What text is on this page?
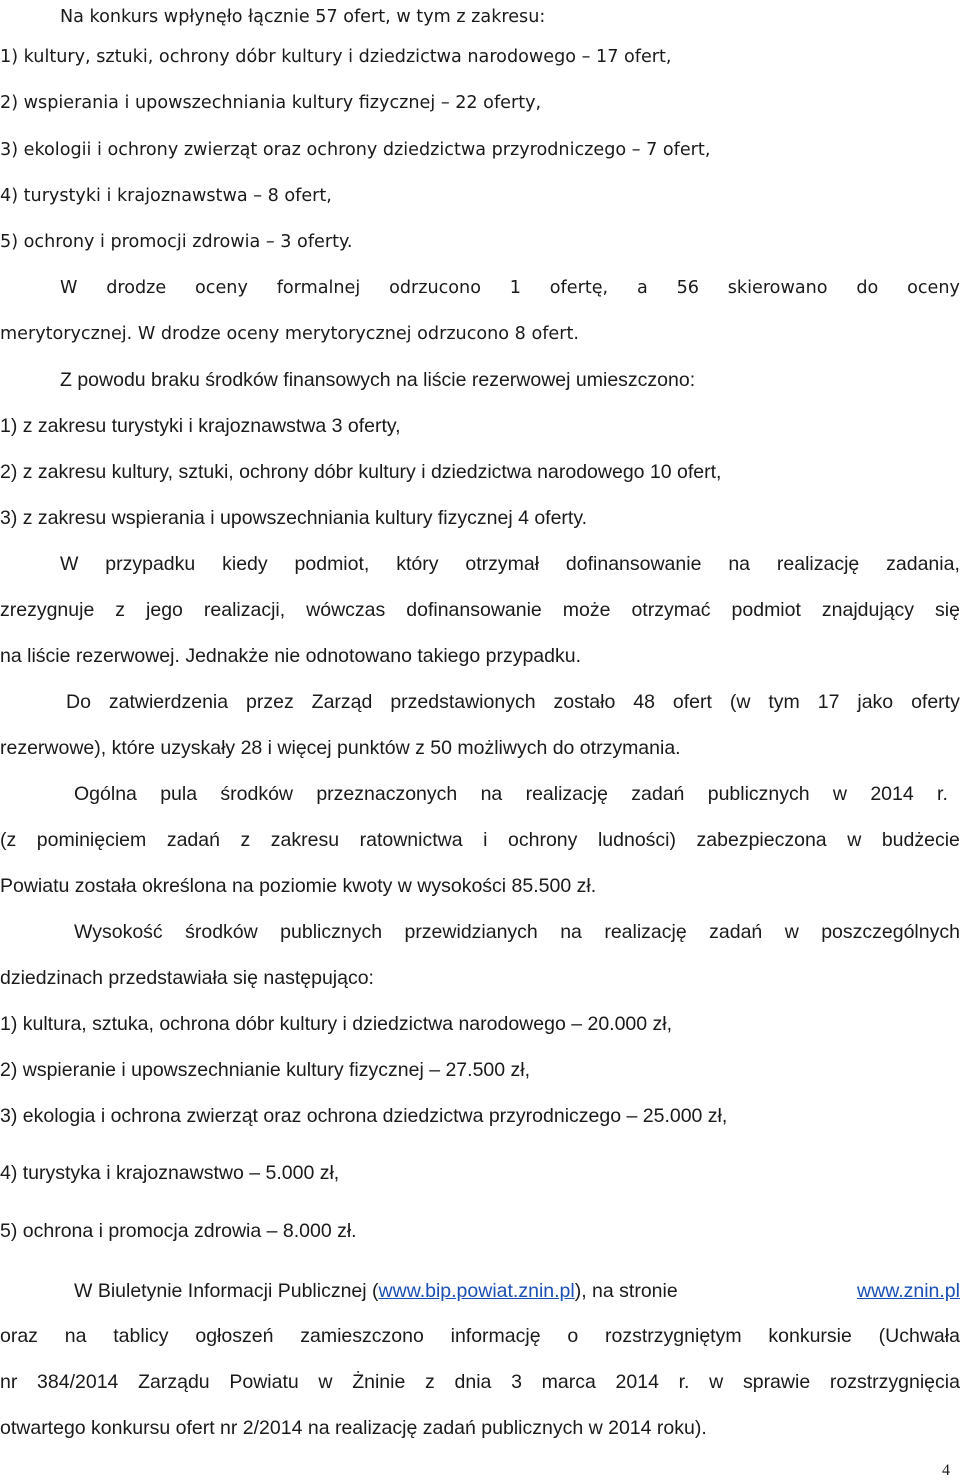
Na konkurs wpłynęło łącznie 57 ofert, w tym z zakresu:
1) kultury, sztuki, ochrony dóbr kultury i dziedzictwa narodowego – 17 ofert,
2) wspierania i upowszechniania kultury fizycznej – 22 oferty,
3) ekologii i ochrony zwierząt oraz ochrony dziedzictwa przyrodniczego – 7 ofert,
4) turystyki i krajoznawstwa – 8 ofert,
5) ochrony i promocji zdrowia – 3 oferty.
W drodze oceny formalnej odrzucono 1 ofertę, a 56 skierowano do oceny
merytorycznej. W drodze oceny merytorycznej odrzucono 8 ofert.
Z powodu braku środków finansowych na liście rezerwowej umieszczono:
1) z zakresu turystyki i krajoznawstwa 3 oferty,
2) z zakresu kultury, sztuki, ochrony dóbr kultury i dziedzictwa narodowego 10 ofert,
3) z zakresu wspierania i upowszechniania kultury fizycznej 4 oferty.
W przypadku kiedy podmiot, który otrzymał dofinansowanie na realizację zadania,
zrezygnuje z jego realizacji, wówczas dofinansowanie może otrzymać podmiot znajdujący się
na liście rezerwowej. Jednakże nie odnotowano takiego przypadku.
Do zatwierdzenia przez Zarząd przedstawionych zostało 48 ofert (w tym 17 jako oferty
rezerwowe), które uzyskały 28 i więcej punktów z 50 możliwych do otrzymania.
Ogólna pula środków przeznaczonych na realizację zadań publicznych w 2014 r.
(z pominięciem zadań z zakresu ratownictwa i ochrony ludności) zabezpieczona w budżecie
Powiatu została określona na poziomie kwoty w wysokości 85.500 zł.
Wysokość środków publicznych przewidzianych na realizację zadań w poszczególnych
dziedzinach przedstawiała się następująco:
1) kultura, sztuka, ochrona dóbr kultury i dziedzictwa narodowego – 20.000 zł,
2) wspieranie i upowszechnianie kultury fizycznej – 27.500 zł,
3) ekologia i ochrona zwierząt oraz ochrona dziedzictwa przyrodniczego – 25.000 zł,
4) turystyka i krajoznawstwo – 5.000 zł,
5) ochrona i promocja zdrowia – 8.000 zł.
W Biuletynie Informacji Publicznej (www.bip.powiat.znin.pl), na stronie	www.znin.pl
oraz na tablicy ogłoszeń zamieszczono informację o rozstrzygniętym konkursie (Uchwała
nr 384/2014 Zarządu Powiatu w Żninie z dnia 3 marca 2014 r. w sprawie rozstrzygnięcia
otwartego konkursu ofert nr 2/2014 na realizację zadań publicznych w 2014 roku).
4
